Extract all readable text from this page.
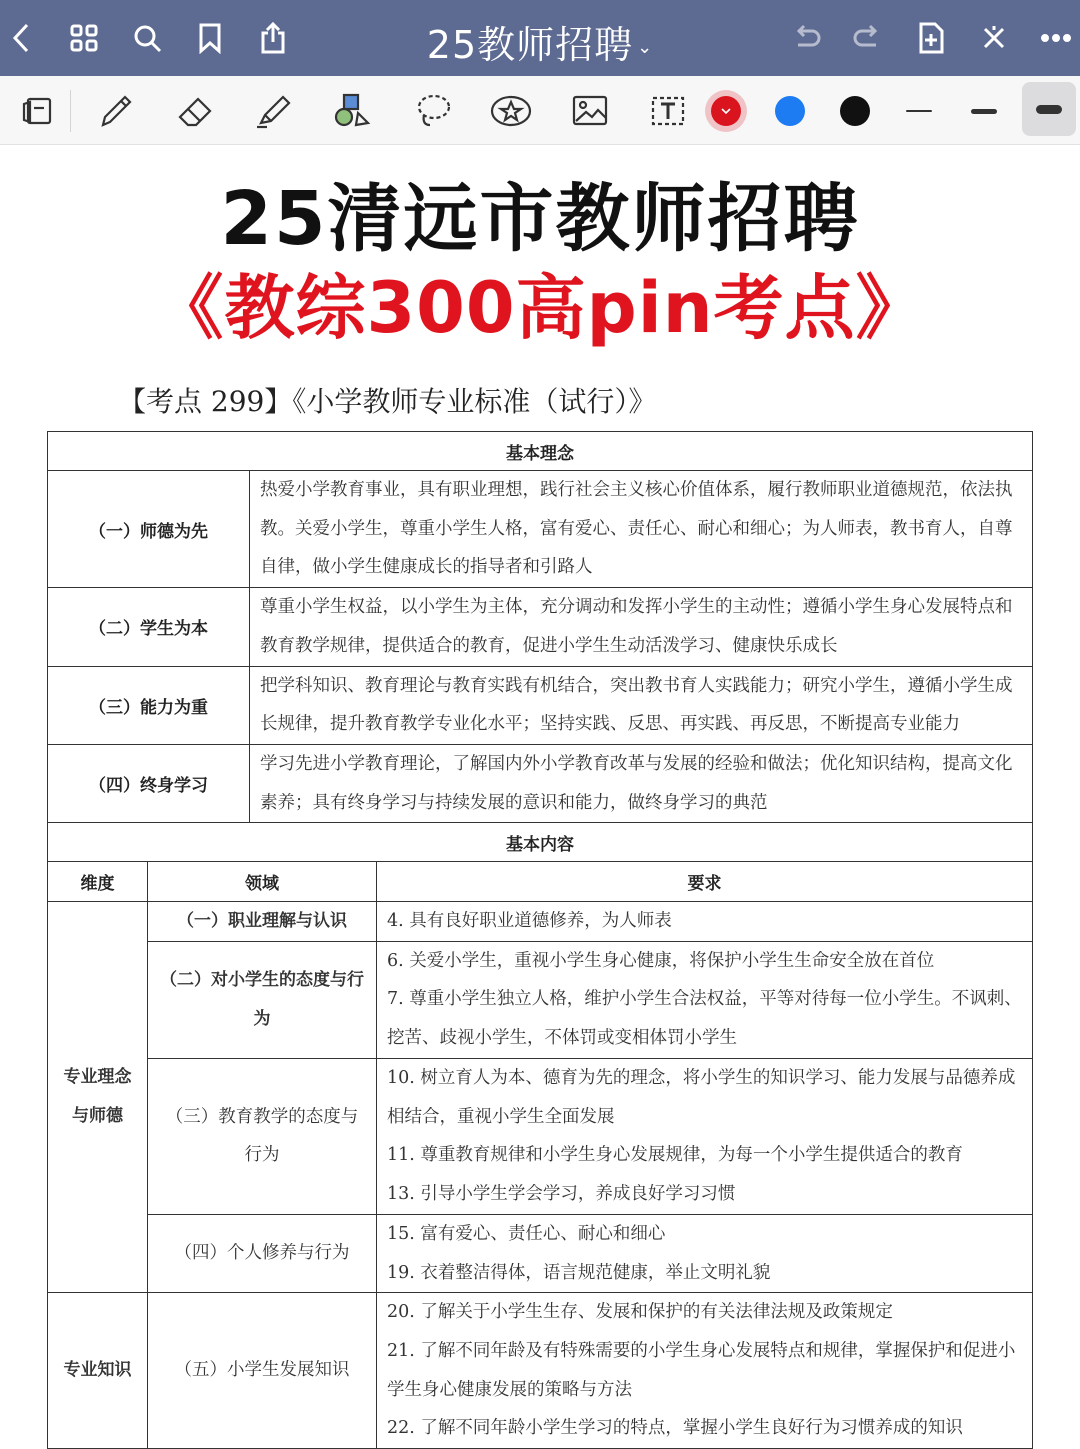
25教师招聘 ⌄
25清远市教师招聘
《教综300高pin考点》
【考点 299】《小学教师专业标准（试行）》
基本理念	
（一）师德为先	热爱小学教育事业，具有职业理想，践行社会主义核心价值体系，履行教师职业道德规范，依法执教。关爱小学生，尊重小学生人格，富有爱心、责任心、耐心和细心；为人师表，教书育人，自尊自律，做小学生健康成长的指导者和引路人
（二）学生为本	尊重小学生权益，以小学生为主体，充分调动和发挥小学生的主动性；遵循小学生身心发展特点和教育教学规律，提供适合的教育，促进小学生生动活泼学习、健康快乐成长
（三）能力为重	把学科知识、教育理论与教育实践有机结合，突出教书育人实践能力；研究小学生，遵循小学生成长规律，提升教育教学专业化水平；坚持实践、反思、再实践、再反思，不断提高专业能力
（四）终身学习	学习先进小学教育理论，了解国内外小学教育改革与发展的经验和做法；优化知识结构，提高文化素养；具有终身学习与持续发展的意识和能力，做终身学习的典范
基本内容	
维度	领域	要求
专业理念与师德	（一）职业理解与认识	4. 具有良好职业道德修养，为人师表

	（二）对小学生的态度与行为	6. 关爱小学生，重视小学生身心健康，将保护小学生生命安全放在首位
7. 尊重小学生独立人格，维护小学生合法权益，平等对待每一位小学生。不讽刺、挖苦、歧视小学生，不体罚或变相体罚小学生

	（三）教育教学的态度与行为	10. 树立育人为本、德育为先的理念，将小学生的知识学习、能力发展与品德养成相结合，重视小学生全面发展
11. 尊重教育规律和小学生身心发展规律，为每一个小学生提供适合的教育
13. 引导小学生学会学习，养成良好学习习惯

	（四）个人修养与行为	15. 富有爱心、责任心、耐心和细心
19. 衣着整洁得体，语言规范健康，举止文明礼貌

专业知识	（五）小学生发展知识	20. 了解关于小学生生存、发展和保护的有关法律法规及政策规定
21. 了解不同年龄及有特殊需要的小学生身心发展特点和规律，掌握保护和促进小学生身心健康发展的策略与方法
22. 了解不同年龄小学生学习的特点，掌握小学生良好行为习惯养成的知识
